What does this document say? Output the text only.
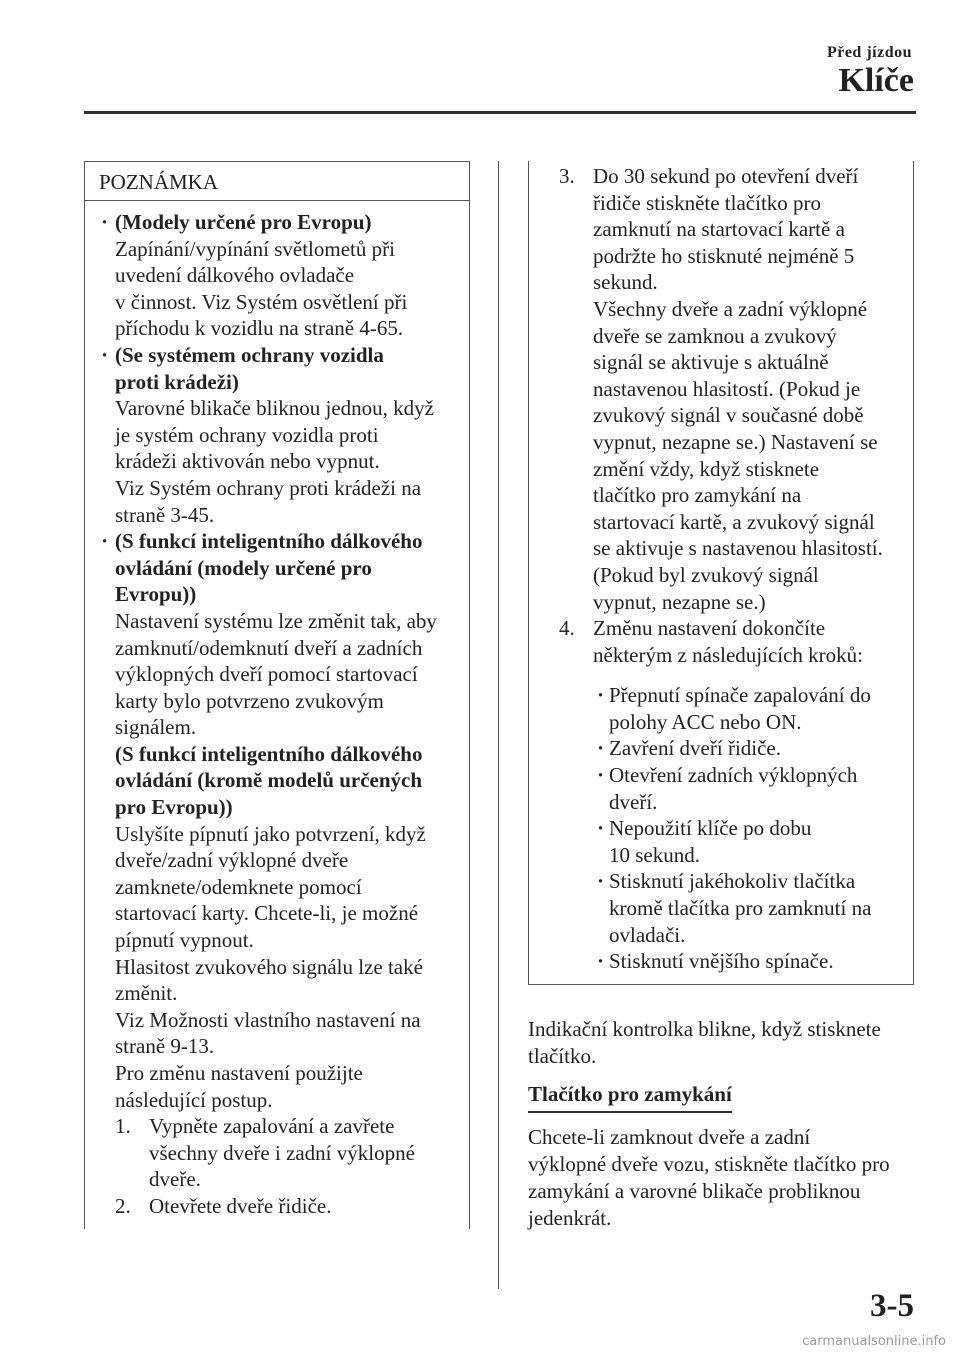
Před jízdou
Klíče
POZNÁMKA
· (Modely určené pro Evropu)

Zapínání/vypínání světlometů při

uvedení dálkového ovladače

v činnost. Viz Systém osvětlení při

příchodu k vozidlu na straně 4-65.

· (Se systémem ochrany vozidla

proti krádeži)

Varovné blikače bliknou jednou, když

je systém ochrany vozidla proti

krádeži aktivován nebo vypnut.

Viz Systém ochrany proti krádeži na

straně 3-45.

· (S funkcí inteligentního dálkového

ovládání (modely určené pro

Evropu))

Nastavení systému lze změnit tak, aby

zamknutí/odemknutí dveří a zadních

výklopných dveří pomocí startovací

karty bylo potvrzeno zvukovým

signálem.

(S funkcí inteligentního dálkového

ovládání (kromě modelů určených

pro Evropu))

Uslyšíte pípnutí jako potvrzení, když

dveře/zadní výklopné dveře

zamknete/odemknete pomocí

startovací karty. Chcete-li, je možné

pípnutí vypnout.

Hlasitost zvukového signálu lze také

změnit.

Viz Možnosti vlastního nastavení na

straně 9-13.

Pro změnu nastavení použijte

následující postup.

1. Vypněte zapalování a zavřete

všechny dveře i zadní výklopné

dveře.

2. Otevřete dveře řidiče.

3. Do 30 sekund po otevření dveří

řidiče stiskněte tlačítko pro

zamknutí na startovací kartě a

podržte ho stisknuté nejméně 5

sekund.

Všechny dveře a zadní výklopné

dveře se zamknou a zvukový

signál se aktivuje s aktuálně

nastavenou hlasitostí. (Pokud je

zvukový signál v současné době

vypnut, nezapne se.) Nastavení se

změní vždy, když stisknete

tlačítko pro zamykání na

startovací kartě, a zvukový signál

se aktivuje s nastavenou hlasitostí.

(Pokud byl zvukový signál

vypnut, nezapne se.)

4. Změnu nastavení dokončíte

některým z následujících kroků:

· Přepnutí spínače zapalování do

polohy ACC nebo ON.

· Zavření dveří řidiče.

· Otevření zadních výklopných

dveří.

· Nepoužití klíče po dobu

10 sekund.

· Stisknutí jakéhokoliv tlačítka

kromě tlačítka pro zamknutí na

ovladači.

· Stisknutí vnějšího spínače.

Indikační kontrolka blikne, když stisknete

tlačítko.

Tlačítko pro zamykání

Chcete-li zamknout dveře a zadní

výklopné dveře vozu, stiskněte tlačítko pro

zamykání a varovné blikače probliknou

jedenkrát.

3-5
carmanualsonline.info
